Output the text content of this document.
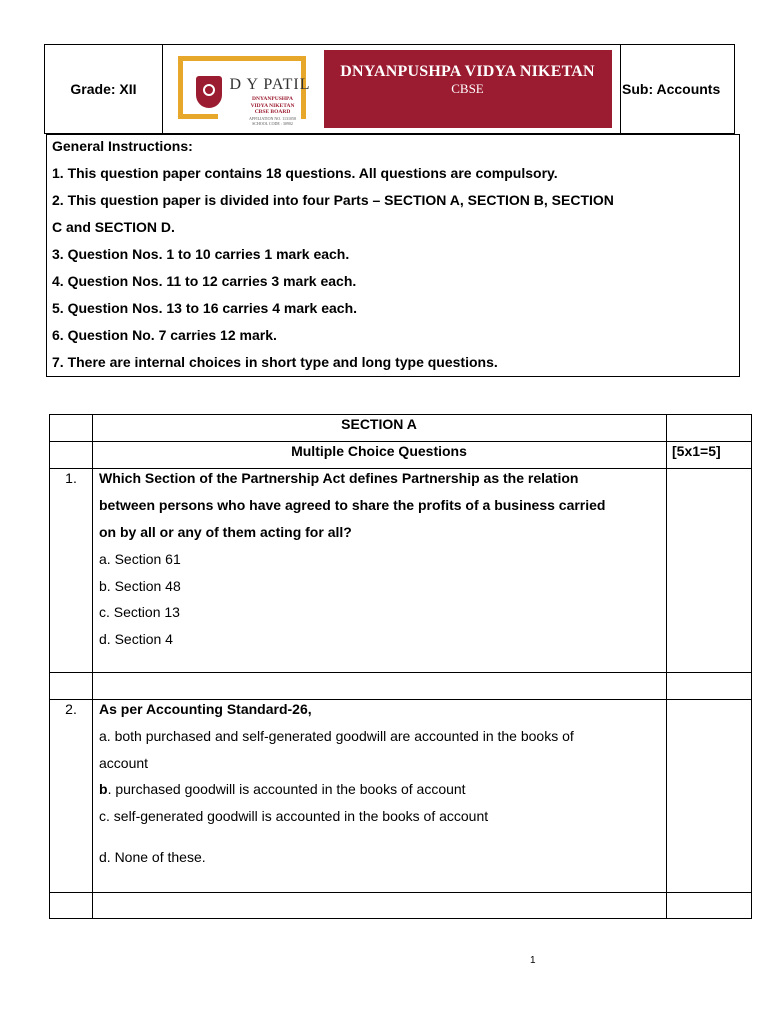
Grade: XII	D Y PATIL
DNYANPUSHPA
VIDYA NIKETAN
CBSE BOARD
AFFILIATION NO. 1131058
SCHOOL CODE : 30902
DNYANPUSHPA VIDYA NIKETAN
CBSE	Sub: Accounts
General Instructions:
1. This question paper contains 18 questions. All questions are compulsory.
2. This question paper is divided into four Parts – SECTION A, SECTION B, SECTION
C and SECTION D.
3. Question Nos. 1 to 10 carries 1 mark each.
4. Question Nos. 11 to 12 carries 3 mark each.
5. Question Nos. 13 to 16 carries 4 mark each.
6. Question No. 7 carries 12 mark.
7. There are internal choices in short type and long type questions.
SECTION A
Multiple Choice Questions	[5x1=5]
1.	Which Section of the Partnership Act defines Partnership as the relation
between persons who have agreed to share the profits of a business carried
on by all or any of them acting for all?
a. Section 61
b. Section 48
c. Section 13
d. Section 4
2.	As per Accounting Standard-26,
a. both purchased and self-generated goodwill are accounted in the books of
account
b. purchased goodwill is accounted in the books of account
c. self-generated goodwill is accounted in the books of account
d. None of these.
1
